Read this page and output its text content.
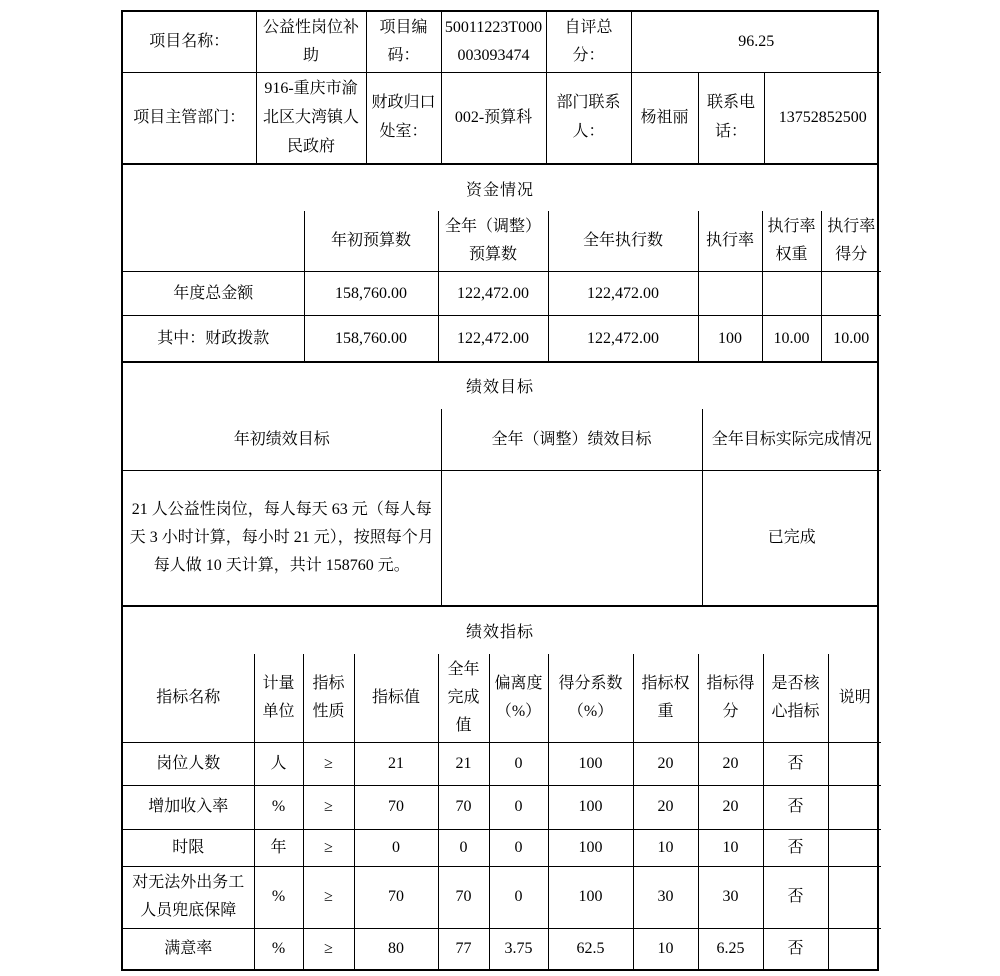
项目名称：	公益性岗位补助	项目编码：	50011223T000003093474	自评总分：	96.25		
项目主管部门：	916-重庆市渝北区大湾镇人民政府	财政归口处室：	002-预算科	部门联系人：	杨祖丽	联系电话：	13752852500
资金情况
	年初预算数	全年（调整）预算数	全年执行数	执行率	执行率权重	执行率得分
年度总金额	158,760.00	122,472.00	122,472.00			
其中：财政拨款	158,760.00	122,472.00	122,472.00	100	10.00	10.00
绩效目标
年初绩效目标	全年（调整）绩效目标	全年目标实际完成情况
21 人公益性岗位，每人每天 63 元（每人每天 3 小时计算，每小时 21 元），按照每个月每人做 10 天计算，共计 158760 元。		已完成
绩效指标
指标名称	计量单位	指标性质	指标值	全年完成值	偏离度（%）	得分系数（%）	指标权重	指标得分	是否核心指标	说明
岗位人数	人	≥	21	21	0	100	20	20	否	
增加收入率	%	≥	70	70	0	100	20	20	否	
时限	年	≥	0	0	0	100	10	10	否	
对无法外出务工人员兜底保障	%	≥	70	70	0	100	30	30	否	
满意率	%	≥	80	77	3.75	62.5	10	6.25	否	
